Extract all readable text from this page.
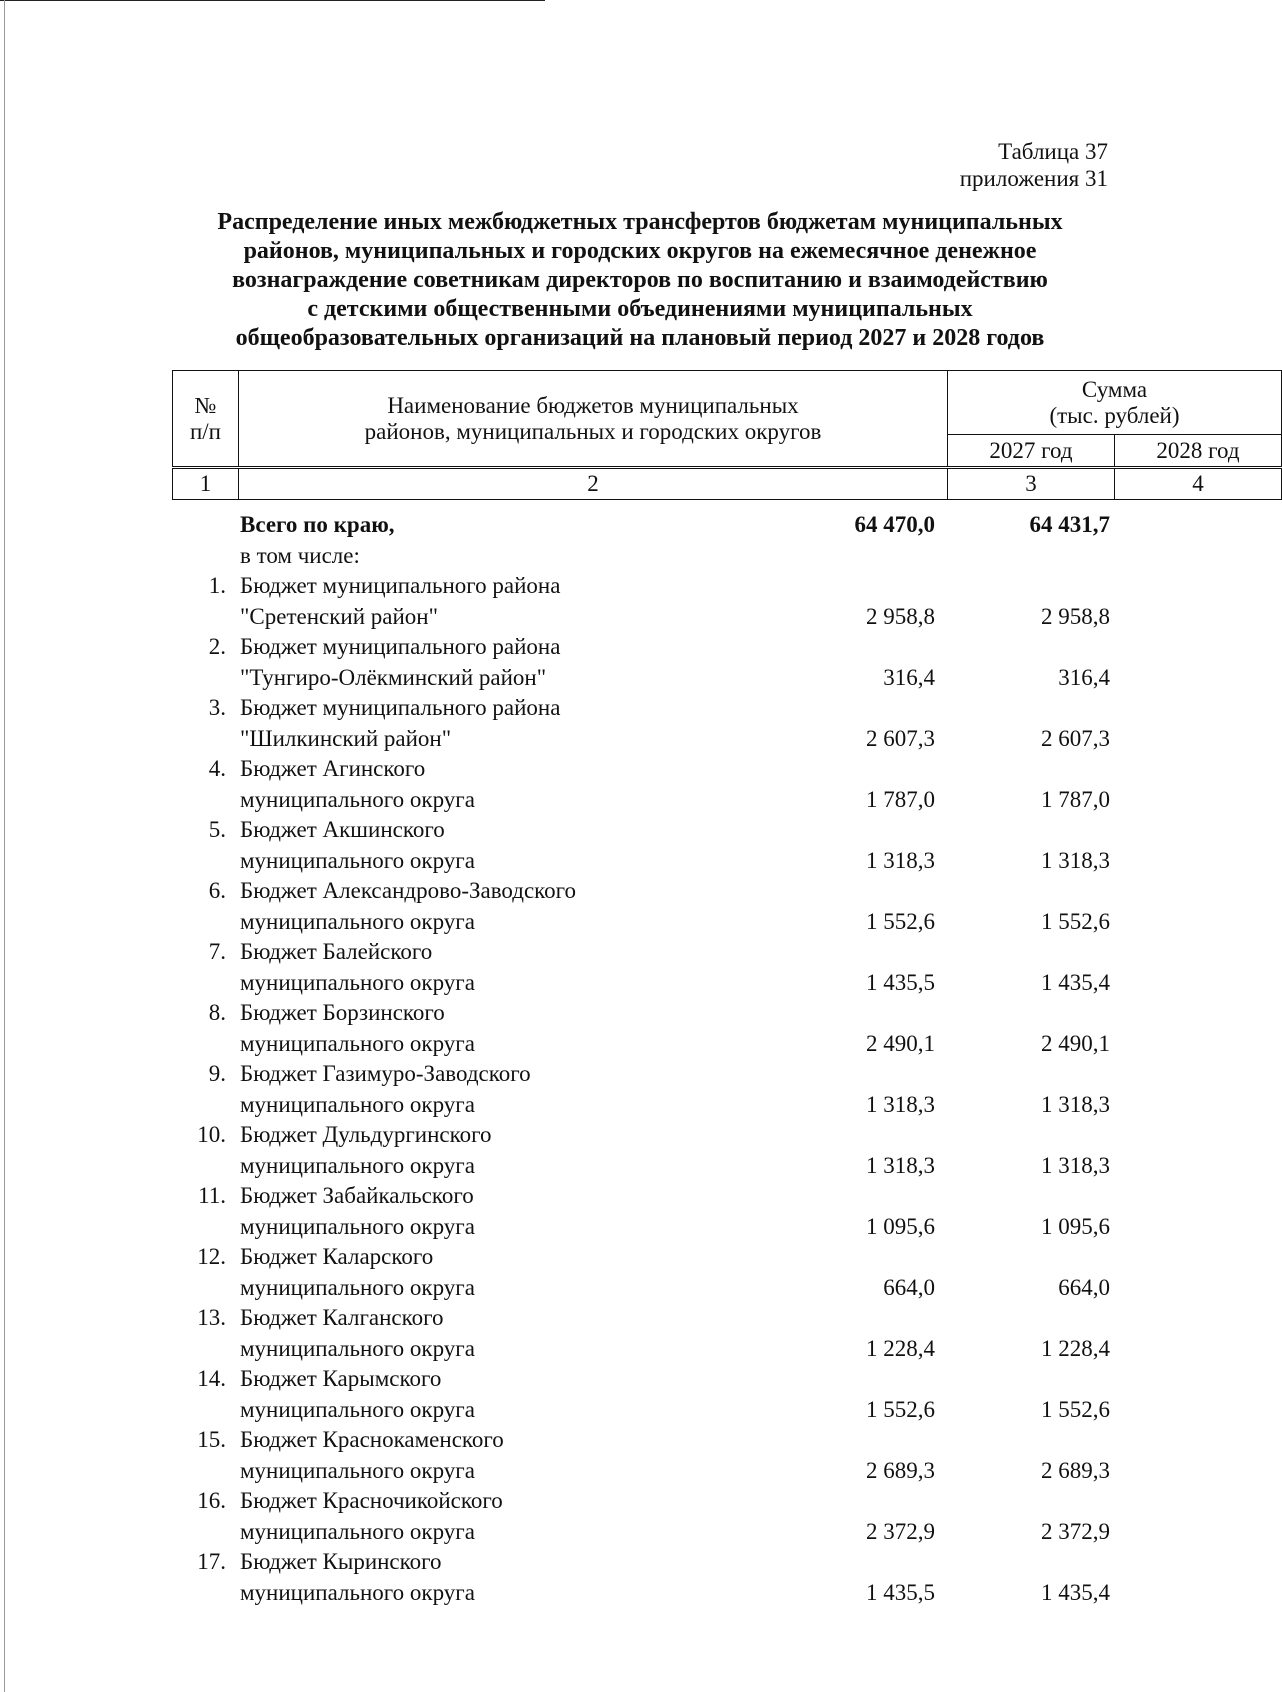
Таблица 37
приложения 31
Распределение иных межбюджетных трансфертов бюджетам муниципальных
районов, муниципальных и городских округов на ежемесячное денежное
вознаграждение советникам директоров по воспитанию и взаимодействию
с детскими общественными объединениями муниципальных
общеобразовательных организаций на плановый период 2027 и 2028 годов
№
п/п
Наименование бюджетов муниципальных
районов, муниципальных и городских округов
Сумма
(тыс. рублей)
2027 год	2028 год
1	2	3	4
Всего по краю,	64 470,0	64 431,7
в том числе:
1. Бюджет муниципального района
"Сретенский район"	2 958,8	2 958,8
2. Бюджет муниципального района
"Тунгиро-Олёкминский район"	316,4	316,4
3. Бюджет муниципального района
"Шилкинский район"	2 607,3	2 607,3
4. Бюджет Агинского
муниципального округа	1 787,0	1 787,0
5. Бюджет Акшинского
муниципального округа	1 318,3	1 318,3
6. Бюджет Александрово-Заводского
муниципального округа	1 552,6	1 552,6
7. Бюджет Балейского
муниципального округа	1 435,5	1 435,4
8. Бюджет Борзинского
муниципального округа	2 490,1	2 490,1
9. Бюджет Газимуро-Заводского
муниципального округа	1 318,3	1 318,3
10. Бюджет Дульдургинского
муниципального округа	1 318,3	1 318,3
11. Бюджет Забайкальского
муниципального округа	1 095,6	1 095,6
12. Бюджет Каларского
муниципального округа	664,0	664,0
13. Бюджет Калганского
муниципального округа	1 228,4	1 228,4
14. Бюджет Карымского
муниципального округа	1 552,6	1 552,6
15. Бюджет Краснокаменского
муниципального округа	2 689,3	2 689,3
16. Бюджет Красночикойского
муниципального округа	2 372,9	2 372,9
17. Бюджет Кыринского
муниципального округа	1 435,5	1 435,4
